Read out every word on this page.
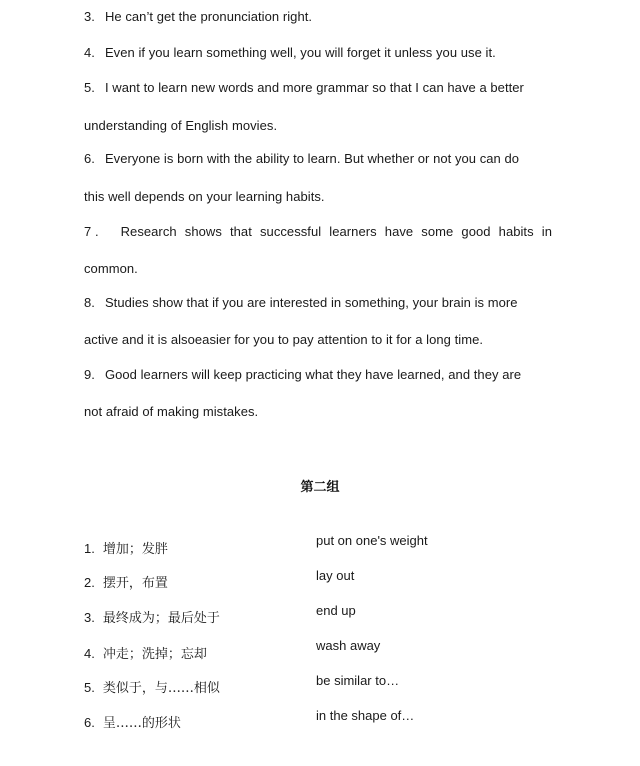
3. He can’t get the pronunciation right.
4. Even if you learn something well, you will forget it unless you use it.
5. I want to learn new words and more grammar so that I can have a better
understanding of English movies.
6. Everyone is born with the ability to learn. But whether or not you can do
this well depends on your learning habits.
7 . Research shows that successful learners have some good habits in
common.
8. Studies show that if you are interested in something, your brain is more
active and it is alsoeasier for you to pay attention to it for a long time.
9. Good learners will keep practicing what they have learned, and they are
not afraid of making mistakes.
第二组
1. 增加；发胖
2. 摆开，布置
3. 最终成为；最后处于
4. 冲走；洗掉；忘却
5. 类似于，与……相似
6. 呈……的形状
put on one's weight
lay out
end up
wash away
be similar to…
in the shape of…
